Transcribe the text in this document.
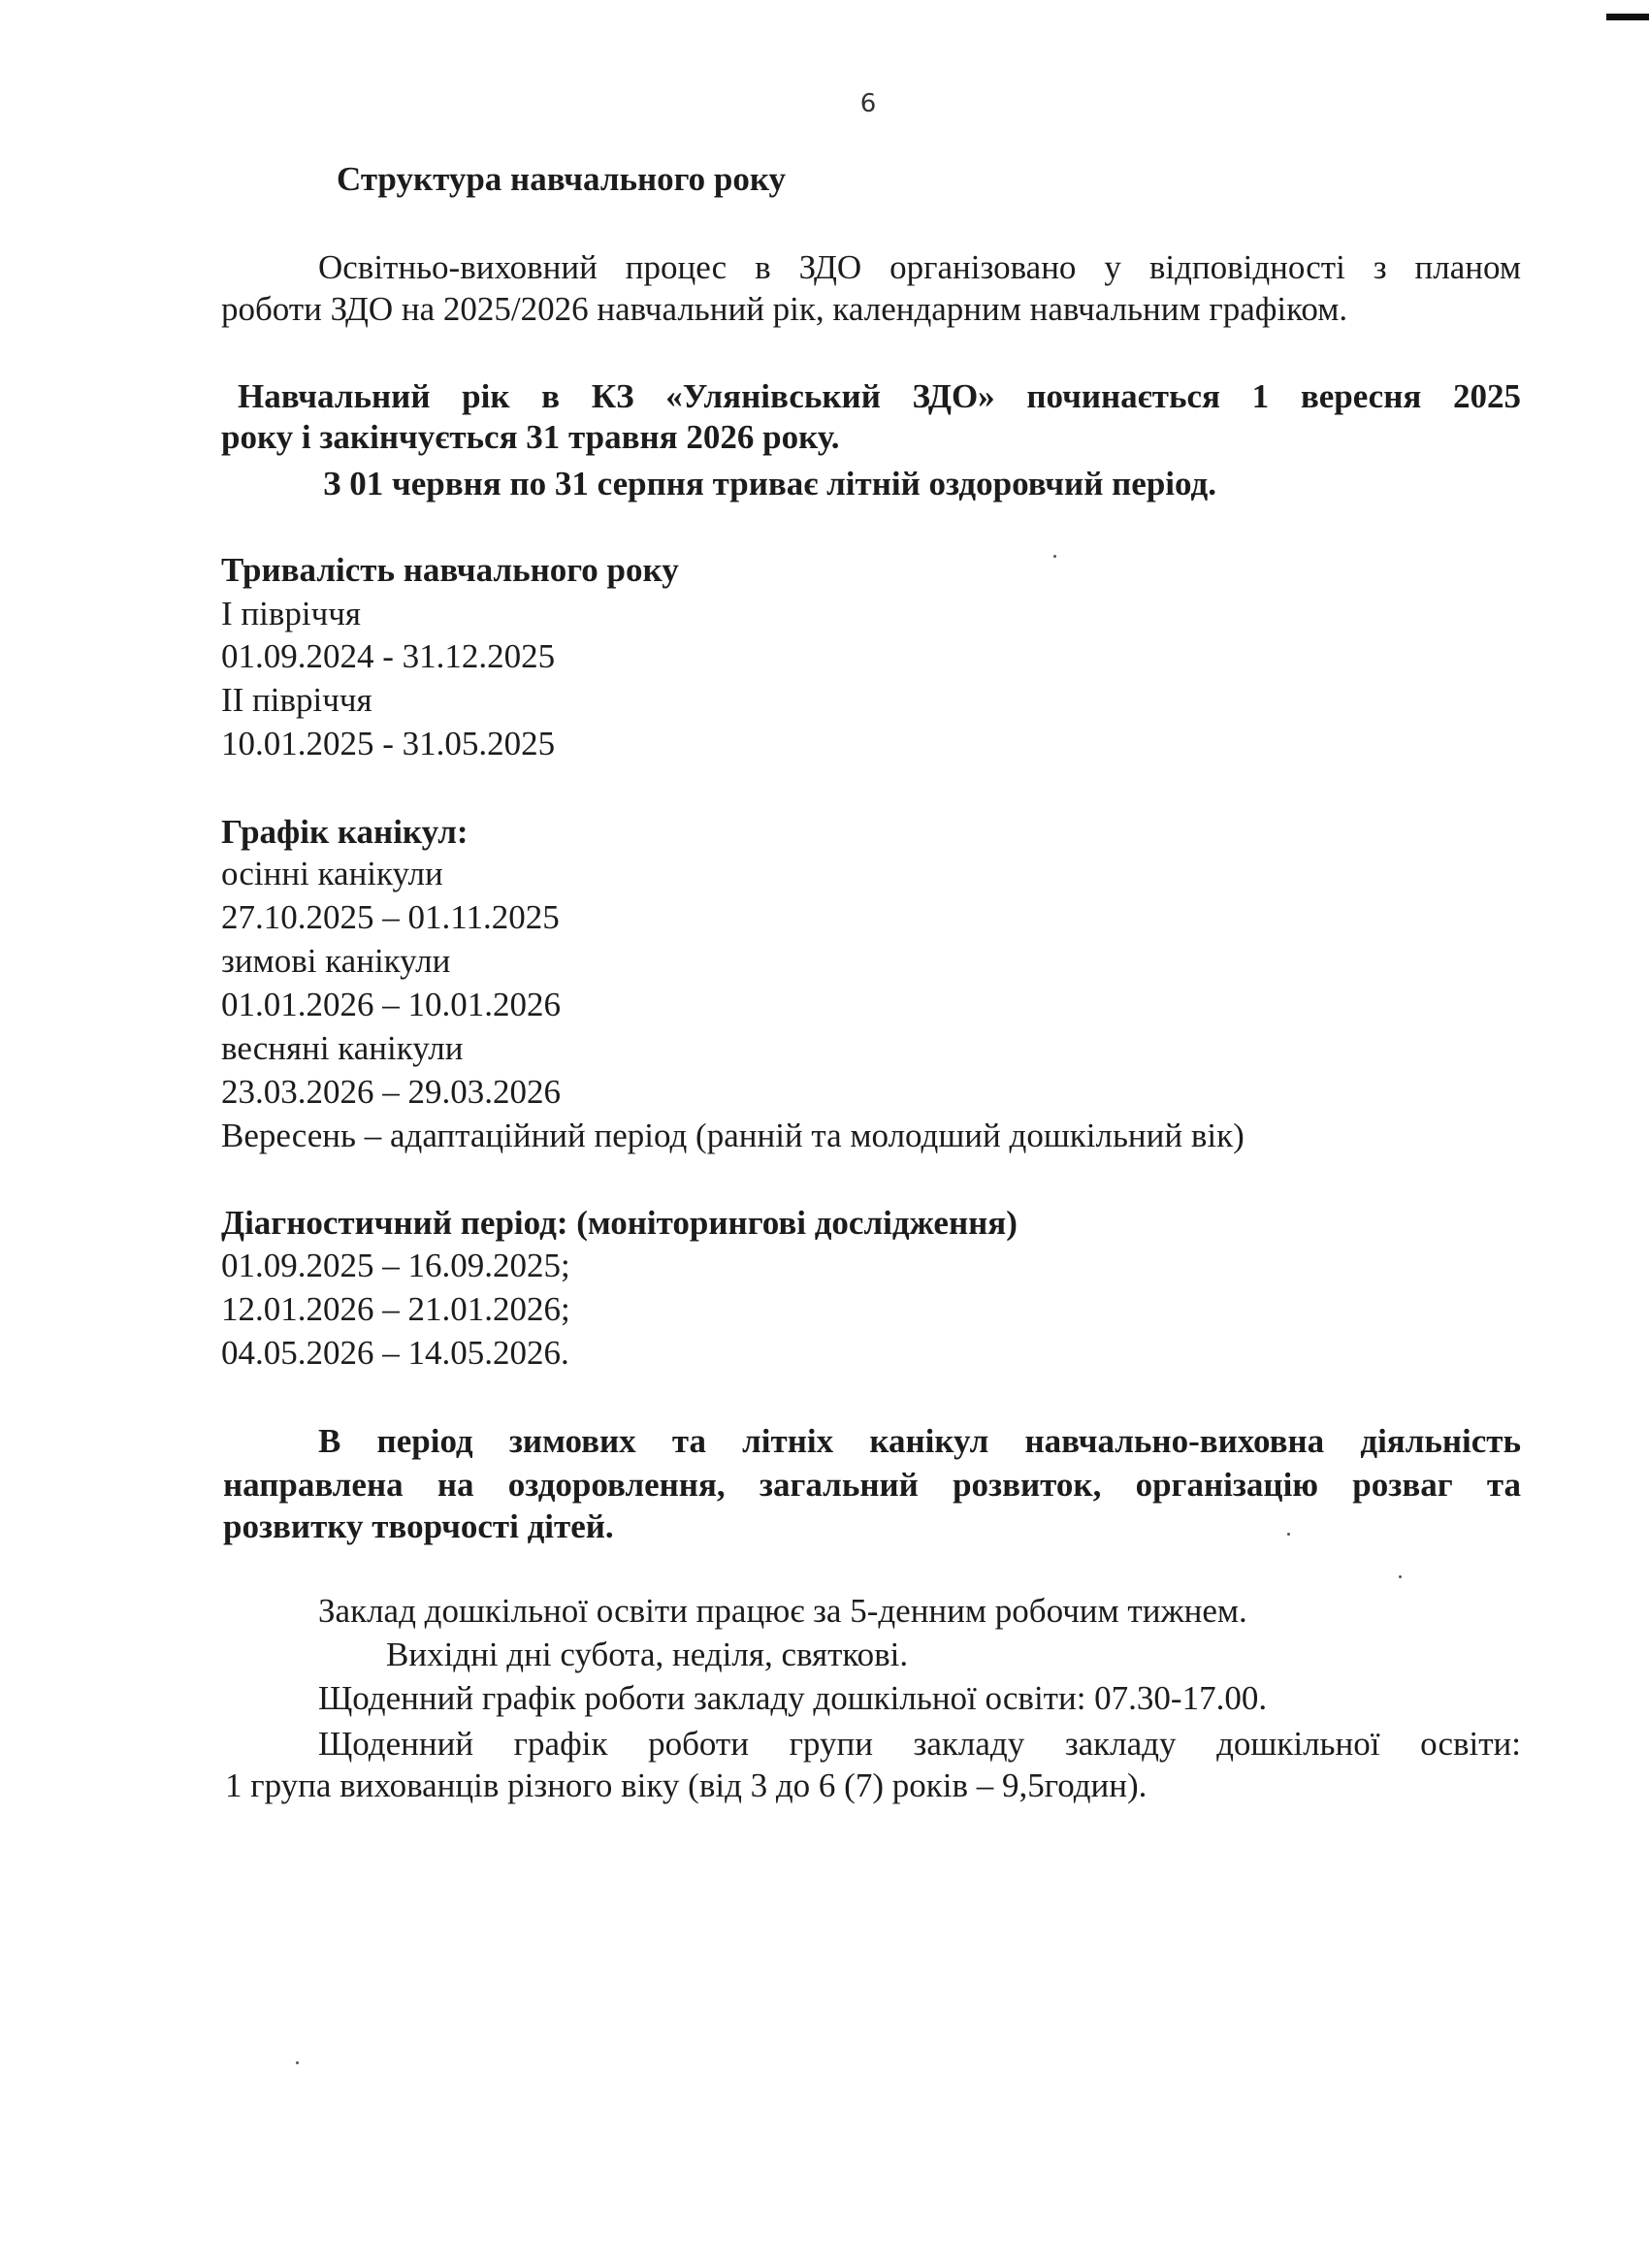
6

Структура навчального року

Освітньо-виховний процес в ЗДО організовано у відповідності з планом

роботи ЗДО на 2025/2026 навчальний рік, календарним навчальним графіком.

Навчальний рік в КЗ «Улянівський ЗДО» починається 1 вересня 2025

року і закінчується 31 травня 2026 року.

З 01 червня по 31 серпня триває літній оздоровчий період.

Тривалість навчального року

І півріччя

01.09.2024 - 31.12.2025

ІІ півріччя

10.01.2025 - 31.05.2025

Графік канікул:

осінні канікули

27.10.2025 – 01.11.2025

зимові канікули

01.01.2026 – 10.01.2026

весняні канікули

23.03.2026 – 29.03.2026

Вересень – адаптаційний період (ранній та молодший дошкільний вік)

Діагностичний період: (моніторингові дослідження)

01.09.2025 – 16.09.2025;

12.01.2026 – 21.01.2026;

04.05.2026 – 14.05.2026.

В період зимових та літніх канікул навчально-виховна діяльність

направлена на оздоровлення, загальний розвиток, організацію розваг та

розвитку творчості дітей.

Заклад дошкільної освіти працює за 5-денним робочим тижнем.

Вихідні дні субота, неділя, святкові.

Щоденний графік роботи закладу дошкільної освіти: 07.30-17.00.

Щоденний графік роботи групи закладу закладу дошкільної освіти:

1 група вихованців різного віку (від 3 до 6 (7) років – 9,5годин).
